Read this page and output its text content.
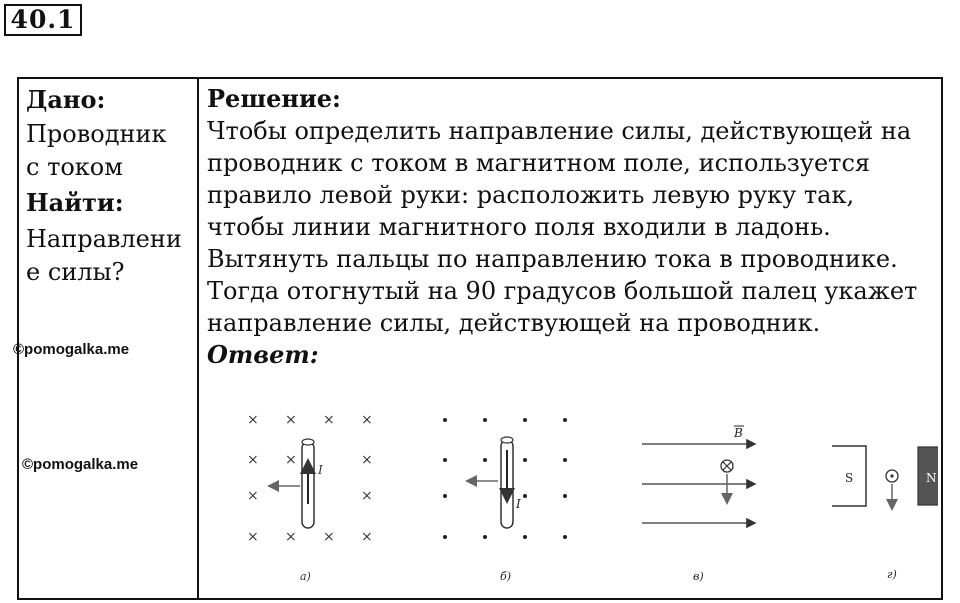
40.1
Дано:
Проводник
с током
Найти:
Направлени
е силы?
Решение:
Чтобы определить направление силы, действующей на
проводник с током в магнитном поле, используется
правило левой руки: расположить левую руку так,
чтобы линии магнитного поля входили в ладонь.
Вытянуть пальцы по направлению тока в проводнике.
Тогда отогнутый на 90 градусов большой палец укажет
направление силы, действующей на проводник.
Ответ:
©pomogalka.me
©pomogalka.me
× × × ×
× ×	×
×	×
× × × ×
I
а)
I
б)
B
в)
S	N
г)
